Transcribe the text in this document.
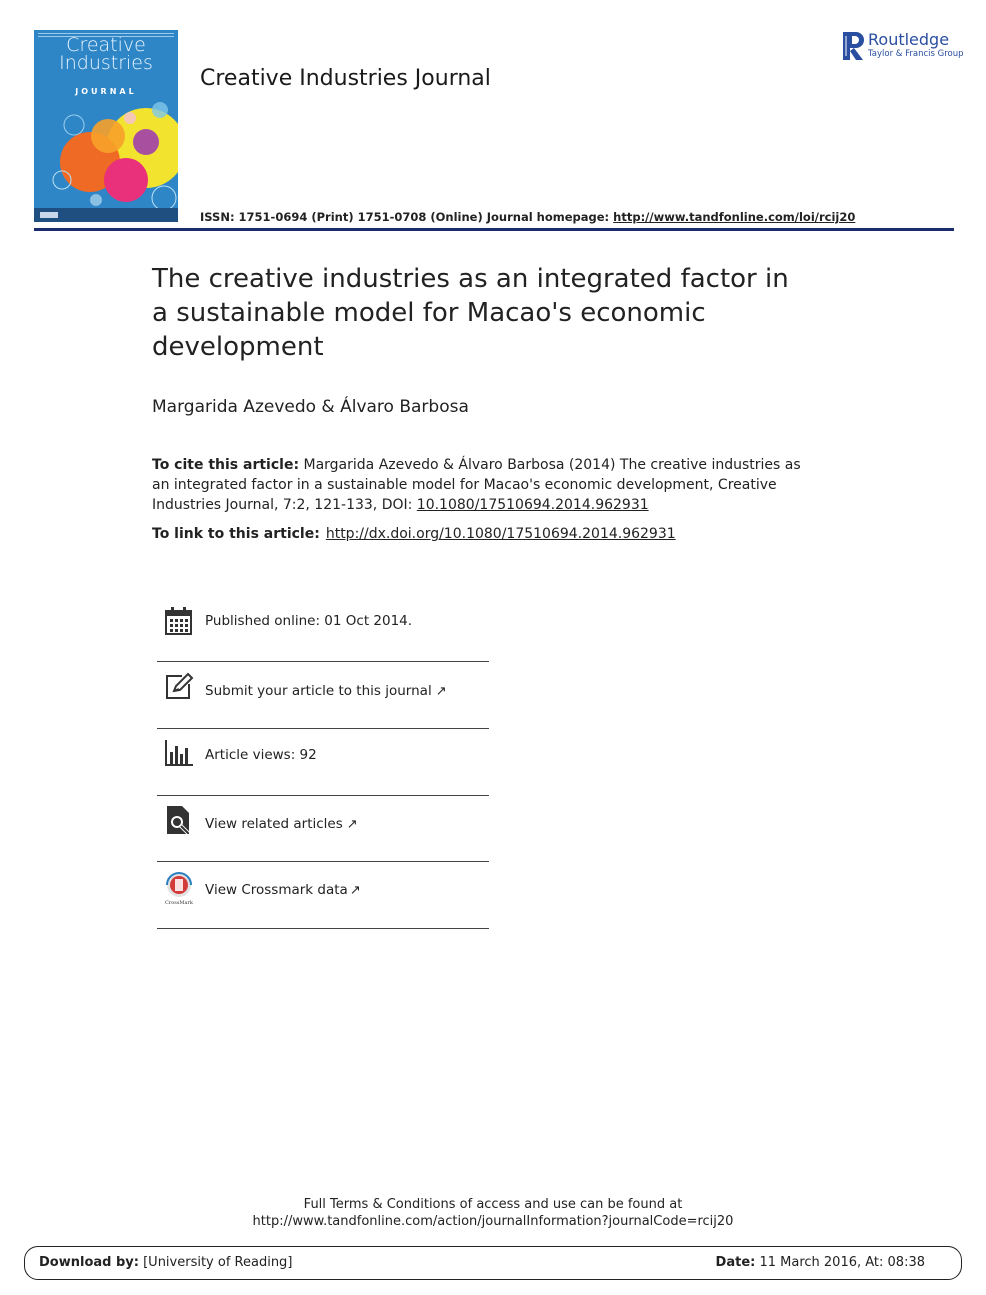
Creative
Industries
JOURNAL
Creative Industries Journal
Routledge
Taylor & Francis Group
ISSN: 1751-0694 (Print) 1751-0708 (Online) Journal homepage: http://www.tandfonline.com/loi/rcij20
The creative industries as an integrated factor in a sustainable model for Macao's economic development
Margarida Azevedo & Álvaro Barbosa
To cite this article: Margarida Azevedo & Álvaro Barbosa (2014) The creative industries as an integrated factor in a sustainable model for Macao's economic development, Creative Industries Journal, 7:2, 121-133, DOI: 10.1080/17510694.2014.962931
To link to this article: http://dx.doi.org/10.1080/17510694.2014.962931
Published online: 01 Oct 2014.
Submit your article to this journal ↗
Article views: 92
View related articles ↗
CrossMark
View Crossmark data ↗
Full Terms & Conditions of access and use can be found at
http://www.tandfonline.com/action/journalInformation?journalCode=rcij20
Download by: [University of Reading]	Date: 11 March 2016, At: 08:38
